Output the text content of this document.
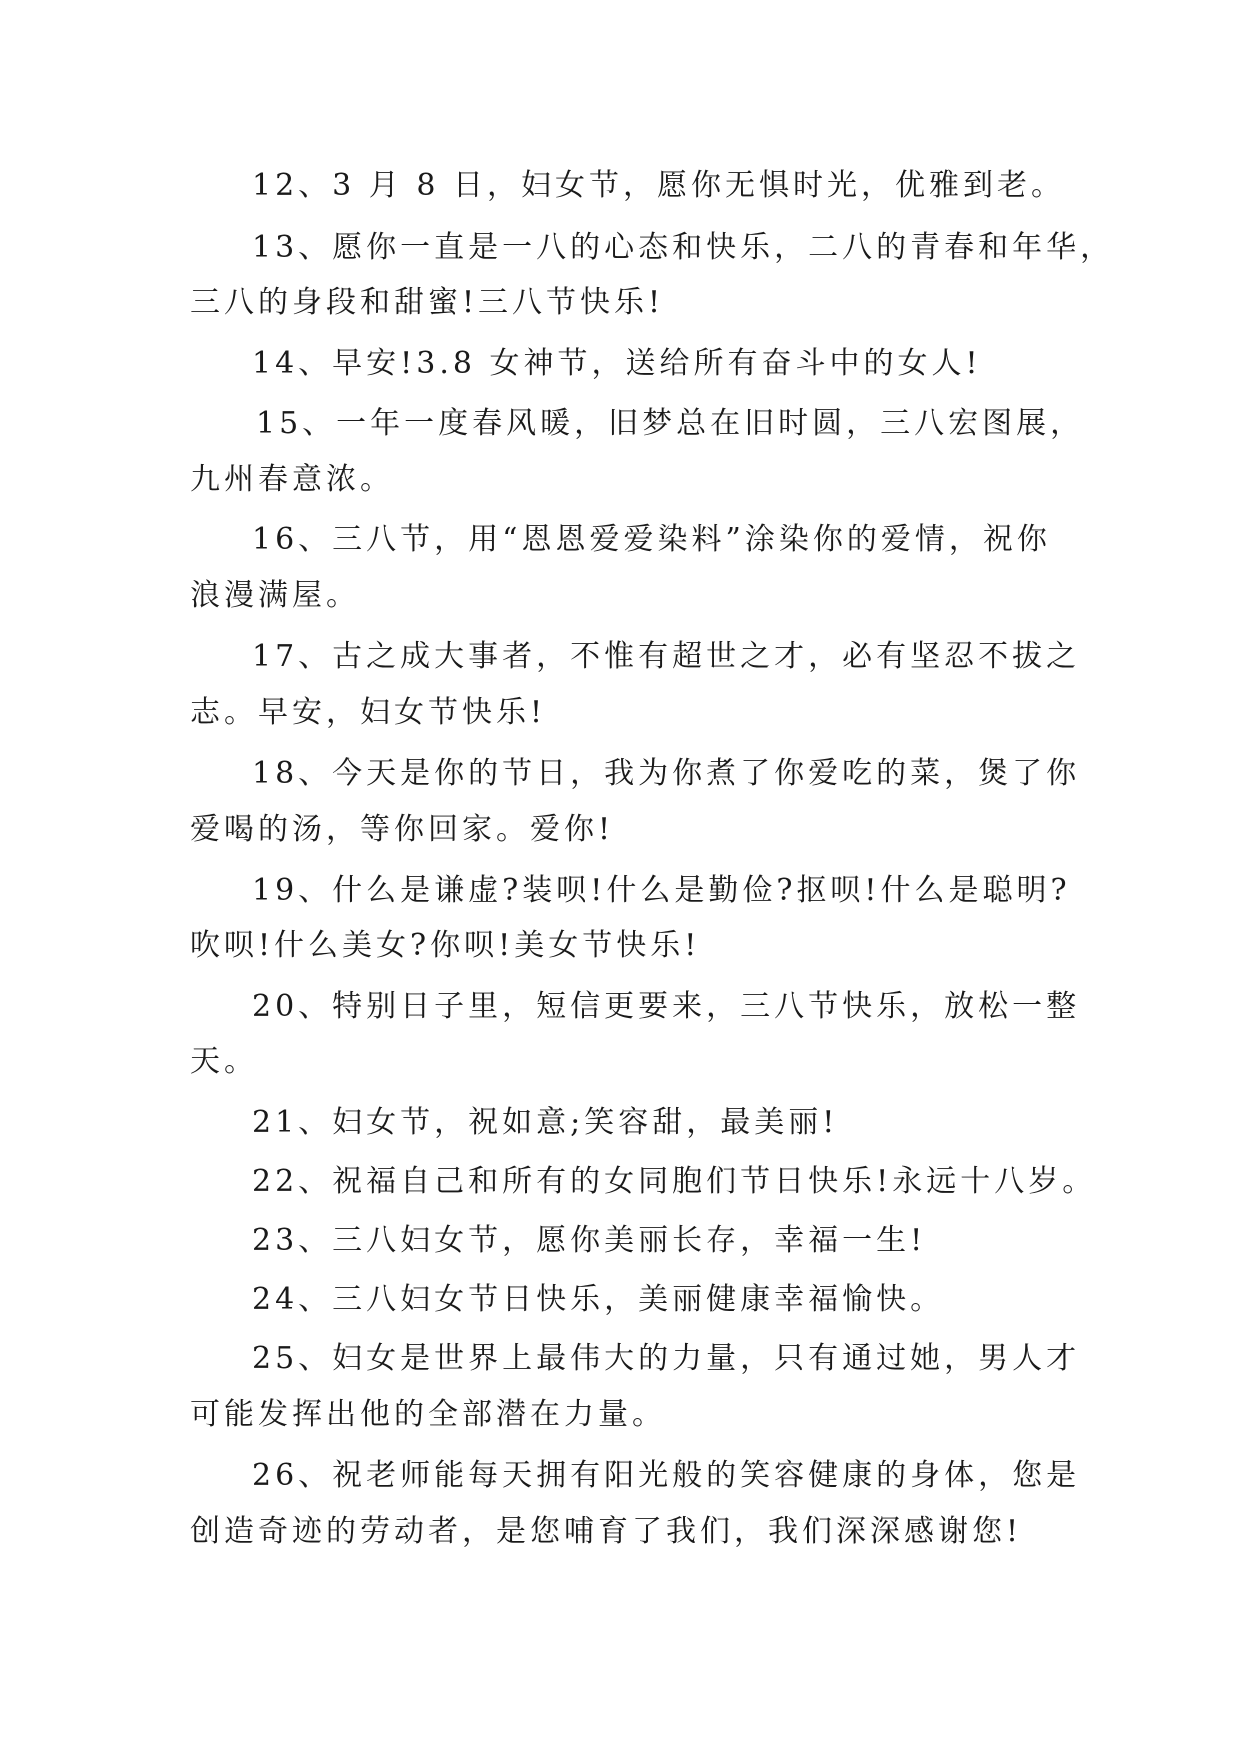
12、3 月 8 日，妇女节，愿你无惧时光，优雅到老。
13、愿你一直是一八的心态和快乐，二八的青春和年华，
三八的身段和甜蜜!三八节快乐!
14、早安!3.8 女神节，送给所有奋斗中的女人!
15、一年一度春风暖，旧梦总在旧时圆，三八宏图展，
九州春意浓。
16、三八节，用“恩恩爱爱染料”涂染你的爱情，祝你
浪漫满屋。
17、古之成大事者，不惟有超世之才，必有坚忍不拔之
志。早安，妇女节快乐!
18、今天是你的节日，我为你煮了你爱吃的菜，煲了你
爱喝的汤，等你回家。爱你!
19、什么是谦虚?装呗!什么是勤俭?抠呗!什么是聪明?
吹呗!什么美女?你呗!美女节快乐!
20、特别日子里，短信更要来，三八节快乐，放松一整
天。
21、妇女节，祝如意;笑容甜，最美丽!
22、祝福自己和所有的女同胞们节日快乐!永远十八岁。
23、三八妇女节，愿你美丽长存，幸福一生!
24、三八妇女节日快乐，美丽健康幸福愉快。
25、妇女是世界上最伟大的力量，只有通过她，男人才
可能发挥出他的全部潜在力量。
26、祝老师能每天拥有阳光般的笑容健康的身体，您是
创造奇迹的劳动者，是您哺育了我们，我们深深感谢您!
